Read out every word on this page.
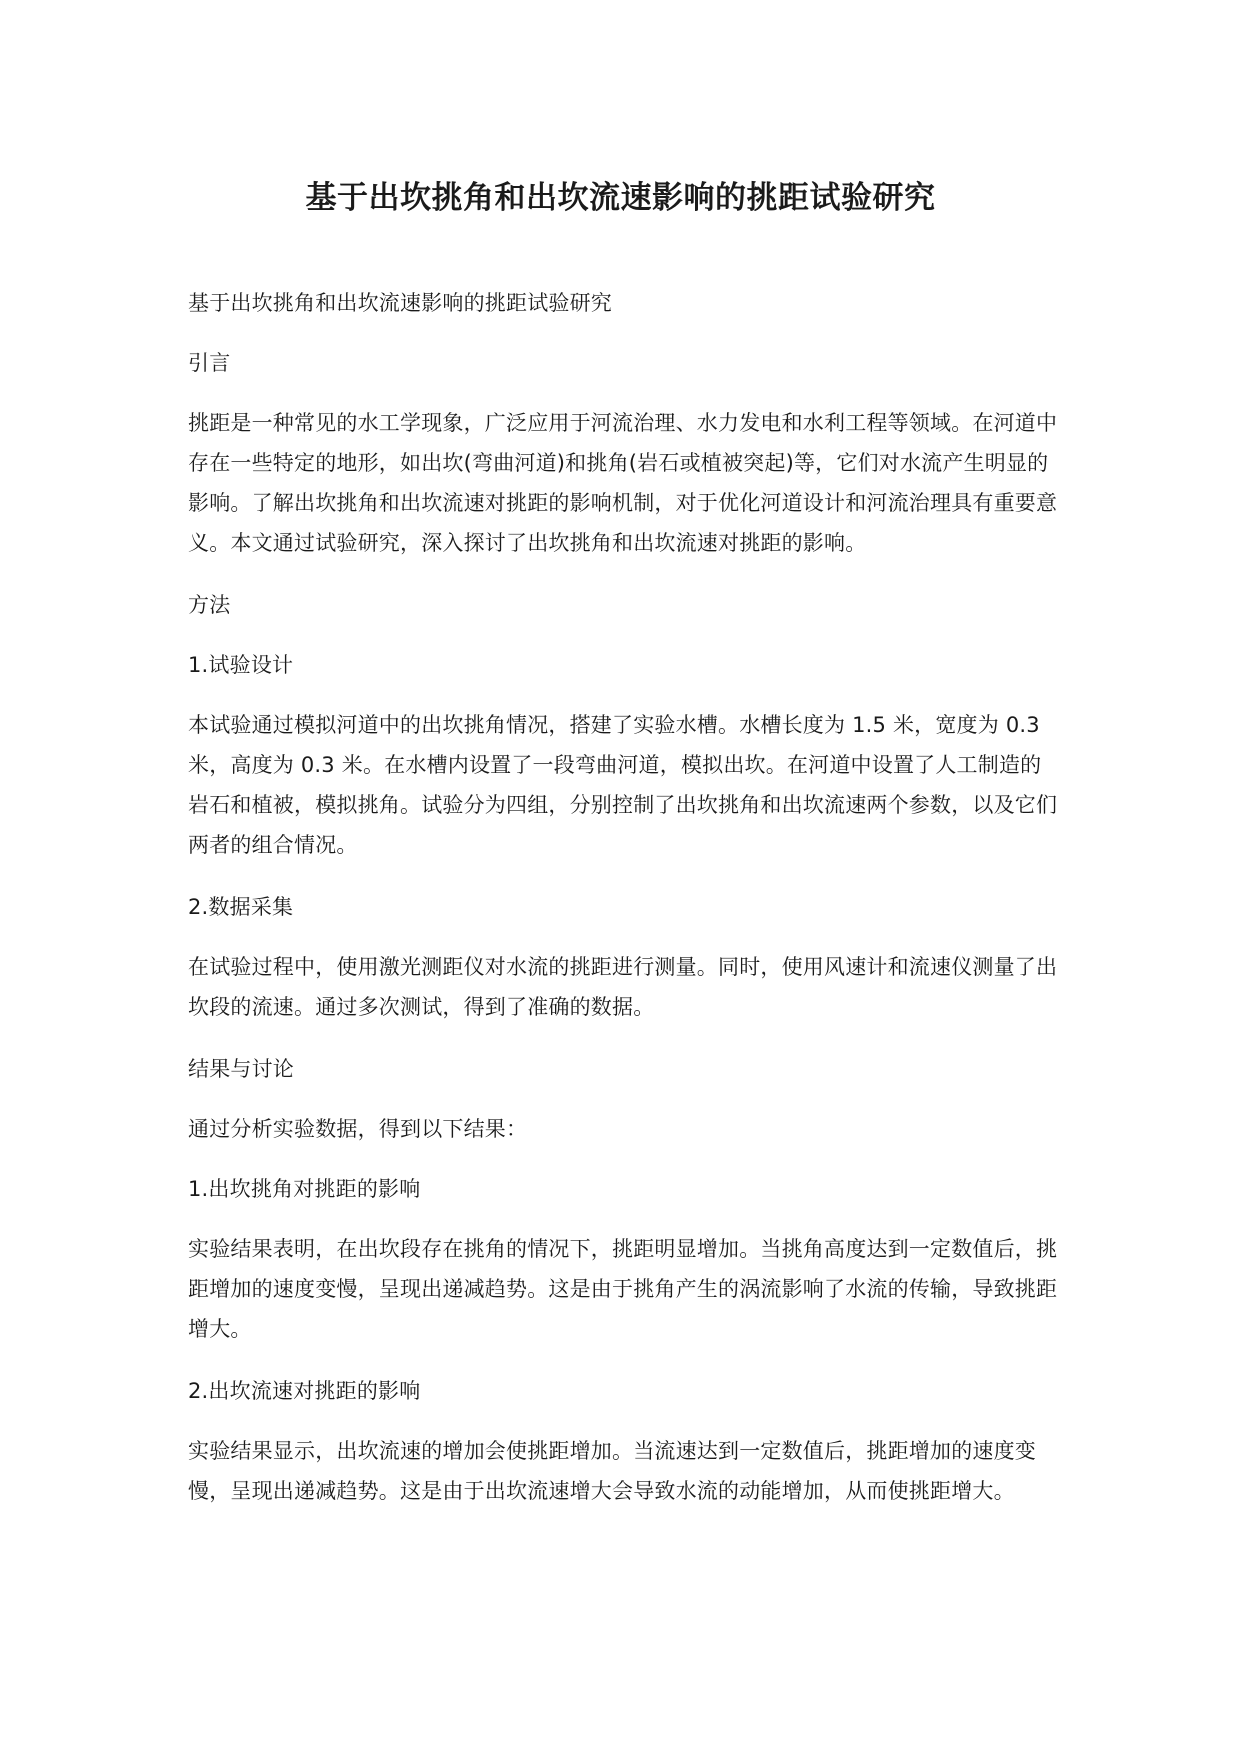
基于出坎挑角和出坎流速影响的挑距试验研究

基于出坎挑角和出坎流速影响的挑距试验研究

引言

挑距是一种常见的水工学现象，广泛应用于河流治理、水力发电和水利工程等领域。在河道中存在一些特定的地形，如出坎(弯曲河道)和挑角(岩石或植被突起)等，它们对水流产生明显的影响。了解出坎挑角和出坎流速对挑距的影响机制，对于优化河道设计和河流治理具有重要意义。本文通过试验研究，深入探讨了出坎挑角和出坎流速对挑距的影响。

方法

1.试验设计

本试验通过模拟河道中的出坎挑角情况，搭建了实验水槽。水槽长度为 1.5 米，宽度为 0.3 米，高度为 0.3 米。在水槽内设置了一段弯曲河道，模拟出坎。在河道中设置了人工制造的岩石和植被，模拟挑角。试验分为四组，分别控制了出坎挑角和出坎流速两个参数，以及它们两者的组合情况。

2.数据采集

在试验过程中，使用激光测距仪对水流的挑距进行测量。同时，使用风速计和流速仪测量了出坎段的流速。通过多次测试，得到了准确的数据。

结果与讨论

通过分析实验数据，得到以下结果：

1.出坎挑角对挑距的影响

实验结果表明，在出坎段存在挑角的情况下，挑距明显增加。当挑角高度达到一定数值后，挑距增加的速度变慢，呈现出递减趋势。这是由于挑角产生的涡流影响了水流的传输，导致挑距增大。

2.出坎流速对挑距的影响

实验结果显示，出坎流速的增加会使挑距增加。当流速达到一定数值后，挑距增加的速度变慢，呈现出递减趋势。这是由于出坎流速增大会导致水流的动能增加，从而使挑距增大。
